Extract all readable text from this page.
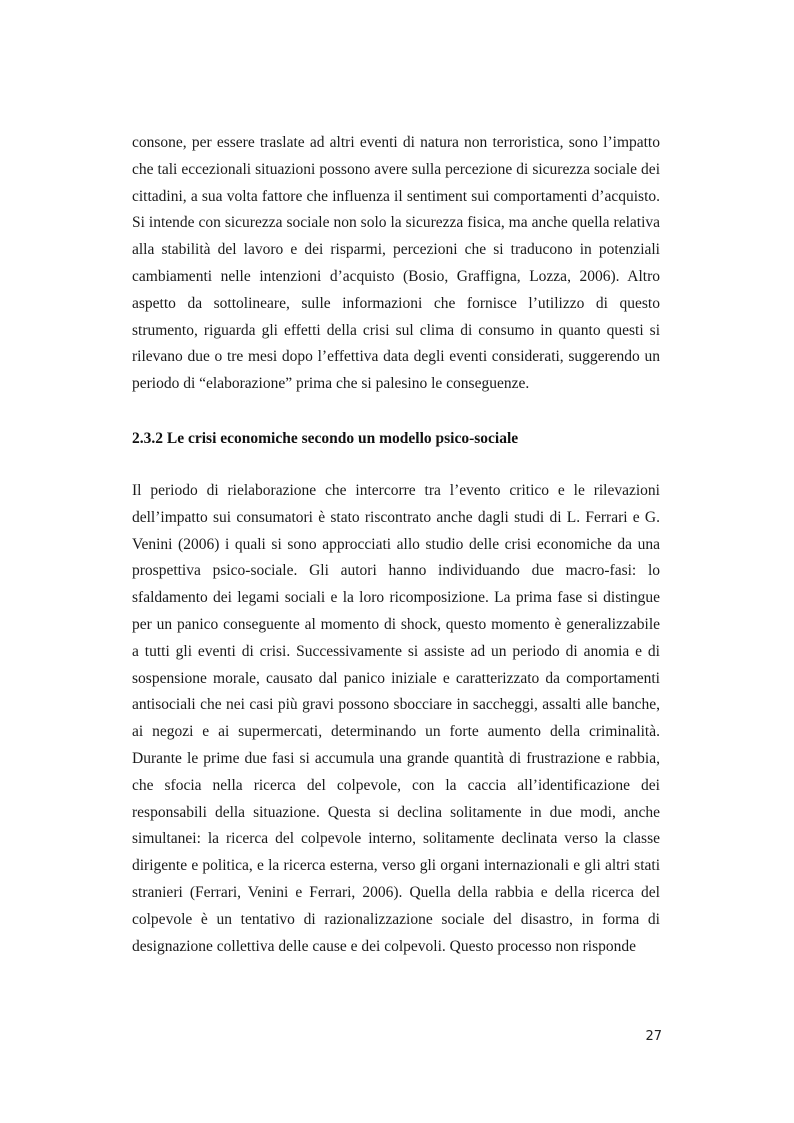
consone, per essere traslate ad altri eventi di natura non terroristica, sono l’impatto che tali eccezionali situazioni possono avere sulla percezione di sicurezza sociale dei cittadini, a sua volta fattore che influenza il sentiment sui comportamenti d’acquisto. Si intende con sicurezza sociale non solo la sicurezza fisica, ma anche quella relativa alla stabilità del lavoro e dei risparmi, percezioni che si traducono in potenziali cambiamenti nelle intenzioni d’acquisto (Bosio, Graffigna, Lozza, 2006). Altro aspetto da sottolineare, sulle informazioni che fornisce l’utilizzo di questo strumento, riguarda gli effetti della crisi sul clima di consumo in quanto questi si rilevano due o tre mesi dopo l’effettiva data degli eventi considerati, suggerendo un periodo di “elaborazione” prima che si palesino le conseguenze.

2.3.2 Le crisi economiche secondo un modello psico-sociale

Il periodo di rielaborazione che intercorre tra l’evento critico e le rilevazioni dell’impatto sui consumatori è stato riscontrato anche dagli studi di L. Ferrari e G. Venini (2006) i quali si sono approcciati allo studio delle crisi economiche da una prospettiva psico-sociale. Gli autori hanno individuando due macro-fasi: lo sfaldamento dei legami sociali e la loro ricomposizione. La prima fase si distingue per un panico conseguente al momento di shock, questo momento è generalizzabile a tutti gli eventi di crisi. Successivamente si assiste ad un periodo di anomia e di sospensione morale, causato dal panico iniziale e caratterizzato da comportamenti antisociali che nei casi più gravi possono sbocciare in saccheggi, assalti alle banche, ai negozi e ai supermercati, determinando un forte aumento della criminalità. Durante le prime due fasi si accumula una grande quantità di frustrazione e rabbia, che sfocia nella ricerca del colpevole, con la caccia all’identificazione dei responsabili della situazione. Questa si declina solitamente in due modi, anche simultanei: la ricerca del colpevole interno, solitamente declinata verso la classe dirigente e politica, e la ricerca esterna, verso gli organi internazionali e gli altri stati stranieri (Ferrari, Venini e Ferrari, 2006). Quella della rabbia e della ricerca del colpevole è un tentativo di razionalizzazione sociale del disastro, in forma di designazione collettiva delle cause e dei colpevoli. Questo processo non risponde

27
